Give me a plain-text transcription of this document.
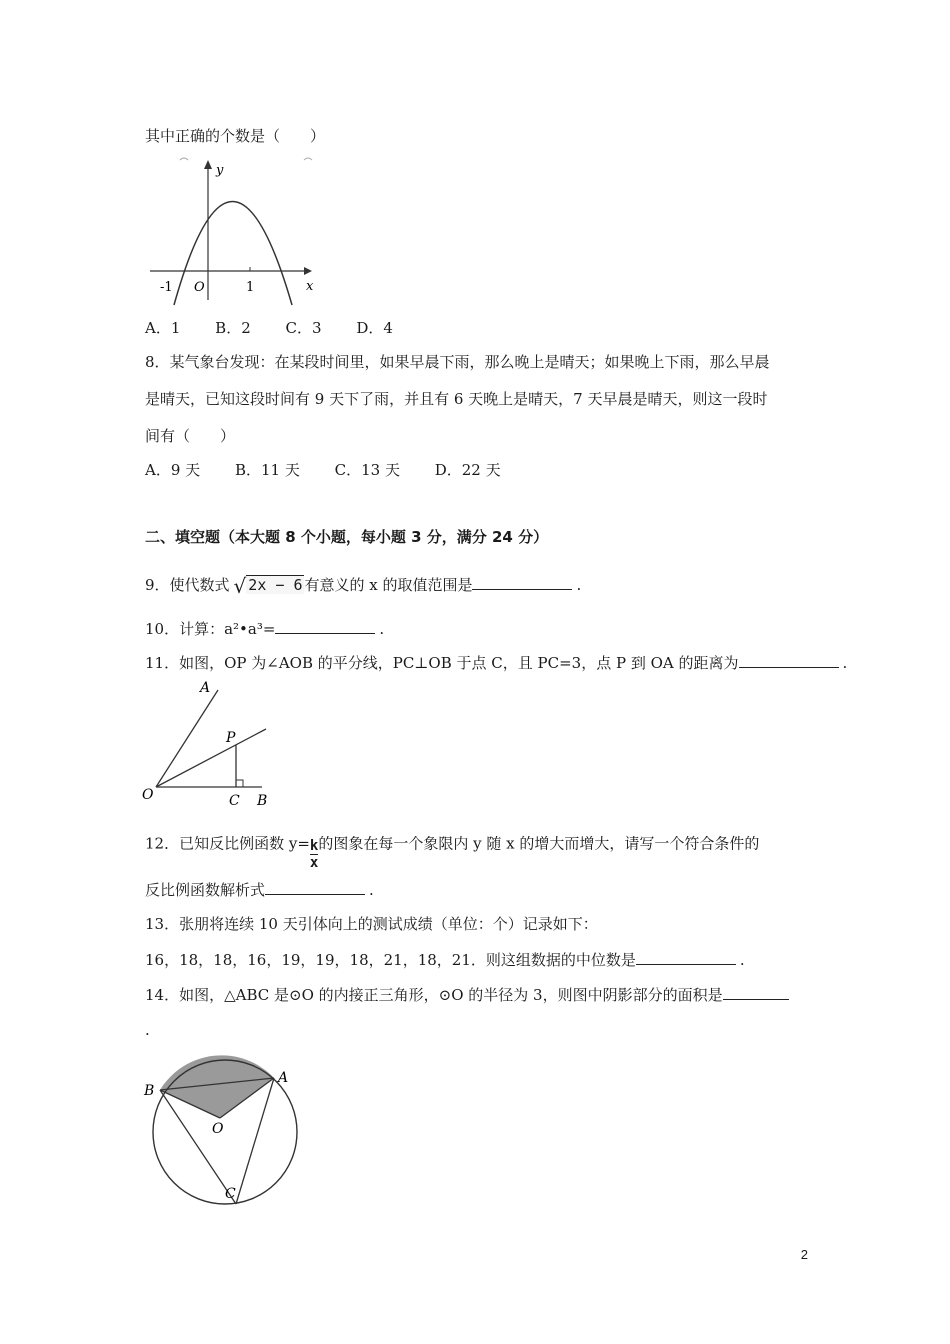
其中正确的个数是（　　）
y
x
-1 O	1
A．1 B．2 C．3 D．4
8．某气象台发现：在某段时间里，如果早晨下雨，那么晚上是晴天；如果晚上下雨，那么早晨
是晴天，已知这段时间有 9 天下了雨，并且有 6 天晚上是晴天，7 天早晨是晴天，则这一段时
间有（　　）
A．9 天 B．11 天 C．13 天 D．22 天
二、填空题（本大题 8 个小题，每小题 3 分，满分 24 分）
9．使代数式 √ 2x − 6 有意义的 x 的取值范围是	.
10．计算：a²•a³=	.
11．如图，OP 为∠AOB 的平分线，PC⊥OB 于点 C，且 PC=3，点 P 到 OA 的距离为	.
A
P
O	C B
12．已知反比例函数 $y= \frac{k}{x}$ 的图象在每一个象限内 y 随 x 的增大而增大，请写一个符合条件的
反比例函数解析式	.
13．张朋将连续 10 天引体向上的测试成绩（单位：个）记录如下：
16，18，18，16，19，19，18，21，18，21．则这组数据的中位数是	.
14．如图，△ABC 是⊙O 的内接正三角形，⊙O 的半径为 3，则图中阴影部分的面积是
.
B
A
O
C
2
